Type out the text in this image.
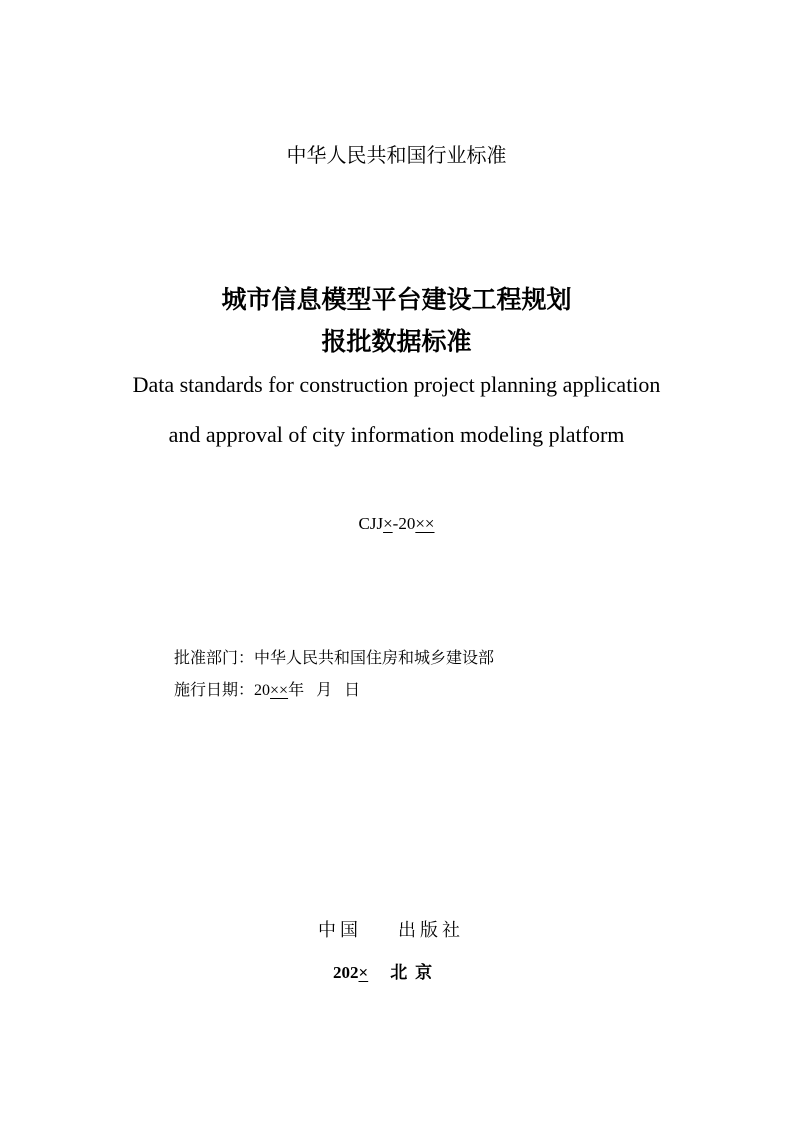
中华人民共和国行业标准
城市信息模型平台建设工程规划
报批数据标准
Data standards for construction project planning application
and approval of city information modeling platform
CJJ×-20××
批准部门：中华人民共和国住房和城乡建设部
施行日期：20××年 月 日
中国 出版社
202× 北京
